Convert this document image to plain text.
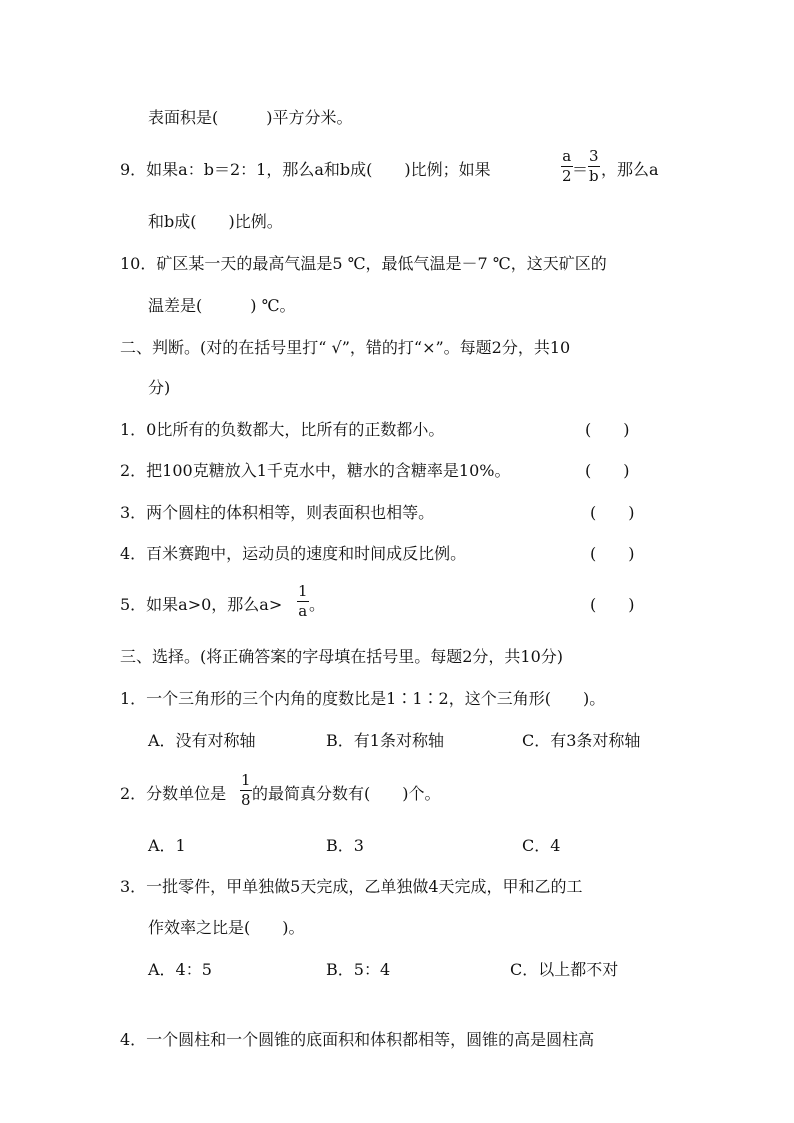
表面积是(　　　)平方分米。
9．如果a：b＝2：1，那么a和b成(　　)比例；如果
a
2 ＝
3
b ，那么a
和b成(　　)比例。
10．矿区某一天的最高气温是5 ℃，最低气温是－7 ℃，这天矿区的
温差是(　　　) ℃。
二、判断。(对的在括号里打“ √”，错的打“×”。每题2分，共10
分)
1．0比所有的负数都大，比所有的正数都小。	(　　)
2．把100克糖放入1千克水中，糖水的含糖率是10%。	(　　)
3．两个圆柱的体积相等，则表面积也相等。	(　　)
4．百米赛跑中，运动员的速度和时间成反比例。	(　　)
5．如果a>0，那么a>
1
a 。	(　　)
三、选择。(将正确答案的字母填在括号里。每题2分，共10分)
1．一个三角形的三个内角的度数比是1∶1∶2，这个三角形(　　)。
A．没有对称轴	B．有1条对称轴	C．有3条对称轴
2．分数单位是
1
8 的最简真分数有(　　)个。
A．1	B．3	C．4
3．一批零件，甲单独做5天完成，乙单独做4天完成，甲和乙的工
作效率之比是(　　)。
A．4：5	B．5：4	C．以上都不对
4．一个圆柱和一个圆锥的底面积和体积都相等，圆锥的高是圆柱高
